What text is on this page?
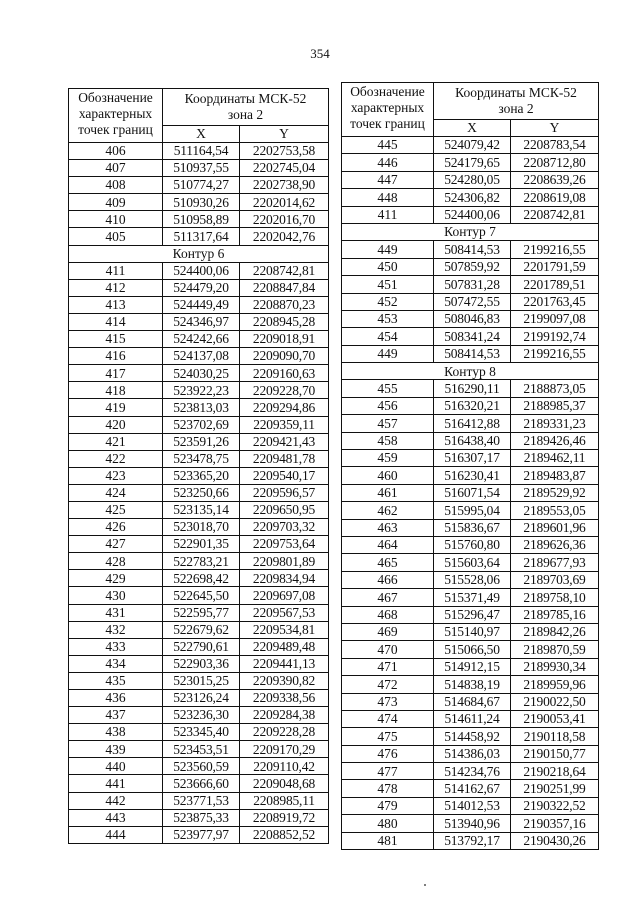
354
Обозначение
характерных
точек границ	Координаты МСК-52
зона 2	
	X	Y
406	511164,54	2202753,58
407	510937,55	2202745,04
408	510774,27	2202738,90
409	510930,26	2202014,62
410	510958,89	2202016,70
405	511317,64	2202042,76
Контур 6		
411	524400,06	2208742,81
412	524479,20	2208847,84
413	524449,49	2208870,23
414	524346,97	2208945,28
415	524242,66	2209018,91
416	524137,08	2209090,70
417	524030,25	2209160,63
418	523922,23	2209228,70
419	523813,03	2209294,86
420	523702,69	2209359,11
421	523591,26	2209421,43
422	523478,75	2209481,78
423	523365,20	2209540,17
424	523250,66	2209596,57
425	523135,14	2209650,95
426	523018,70	2209703,32
427	522901,35	2209753,64
428	522783,21	2209801,89
429	522698,42	2209834,94
430	522645,50	2209697,08
431	522595,77	2209567,53
432	522679,62	2209534,81
433	522790,61	2209489,48
434	522903,36	2209441,13
435	523015,25	2209390,82
436	523126,24	2209338,56
437	523236,30	2209284,38
438	523345,40	2209228,28
439	523453,51	2209170,29
440	523560,59	2209110,42
441	523666,60	2209048,68
442	523771,53	2208985,11
443	523875,33	2208919,72
444	523977,97	2208852,52
Обозначение
характерных
точек границ	Координаты МСК-52
зона 2	
	X	Y
445	524079,42	2208783,54
446	524179,65	2208712,80
447	524280,05	2208639,26
448	524306,82	2208619,08
411	524400,06	2208742,81
Контур 7		
449	508414,53	2199216,55
450	507859,92	2201791,59
451	507831,28	2201789,51
452	507472,55	2201763,45
453	508046,83	2199097,08
454	508341,24	2199192,74
449	508414,53	2199216,55
Контур 8		
455	516290,11	2188873,05
456	516320,21	2188985,37
457	516412,88	2189331,23
458	516438,40	2189426,46
459	516307,17	2189462,11
460	516230,41	2189483,87
461	516071,54	2189529,92
462	515995,04	2189553,05
463	515836,67	2189601,96
464	515760,80	2189626,36
465	515603,64	2189677,93
466	515528,06	2189703,69
467	515371,49	2189758,10
468	515296,47	2189785,16
469	515140,97	2189842,26
470	515066,50	2189870,59
471	514912,15	2189930,34
472	514838,19	2189959,96
473	514684,67	2190022,50
474	514611,24	2190053,41
475	514458,92	2190118,58
476	514386,03	2190150,77
477	514234,76	2190218,64
478	514162,67	2190251,99
479	514012,53	2190322,52
480	513940,96	2190357,16
481	513792,17	2190430,26
